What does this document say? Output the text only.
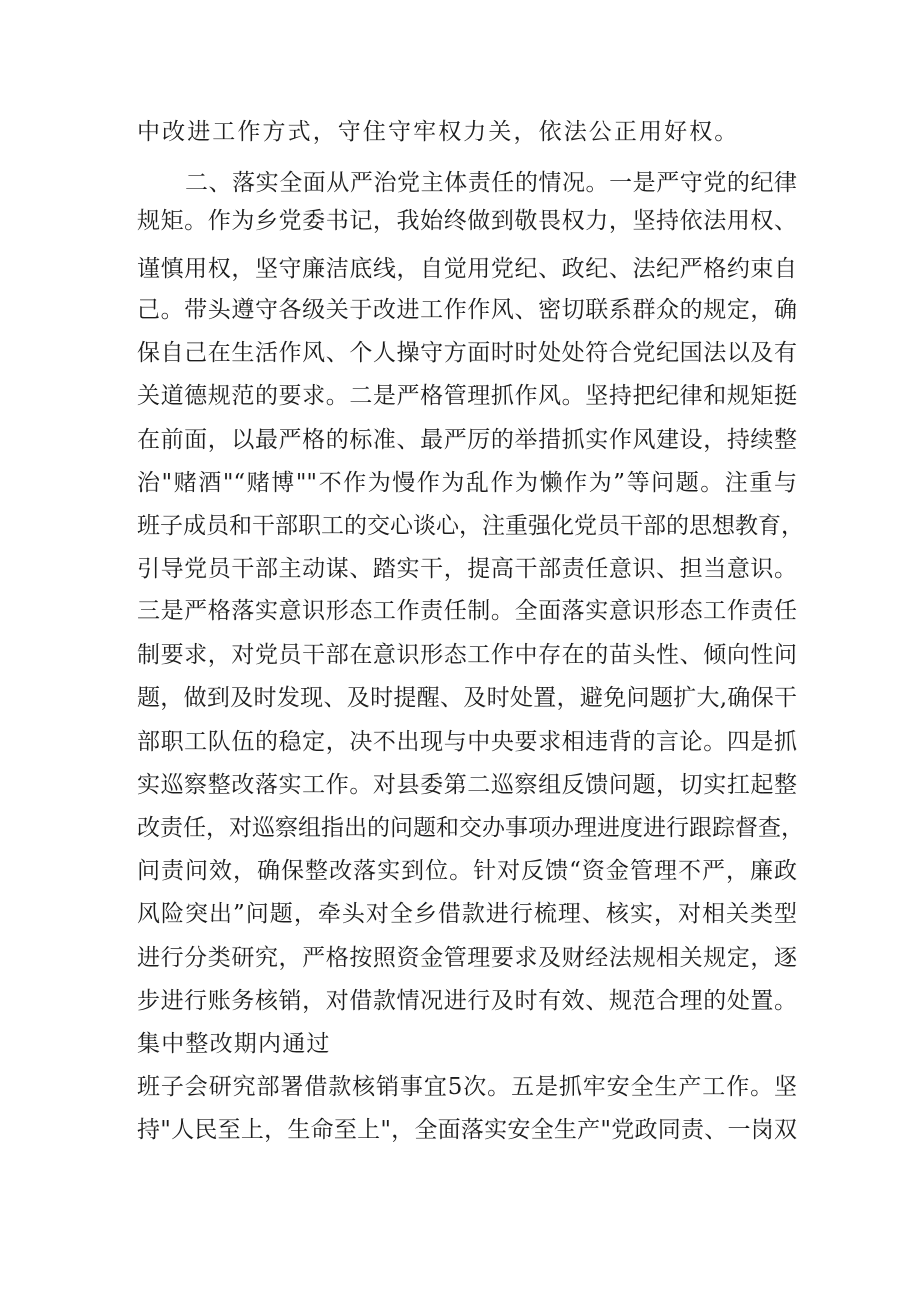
中改进工作方式，守住守牢权力关，依法公正用好权。
二、落实全面从严治党主体责任的情况。一是严守党的纪律
规矩。作为乡党委书记，我始终做到敬畏权力，坚持依法用权、
谨慎用权，坚守廉洁底线，自觉用党纪、政纪、法纪严格约束自
己。带头遵守各级关于改进工作作风、密切联系群众的规定，确
保自己在生活作风、个人操守方面时时处处符合党纪国法以及有
关道德规范的要求。二是严格管理抓作风。坚持把纪律和规矩挺
在前面，以最严格的标准、最严厉的举措抓实作风建设，持续整
治"赌酒"“赌博""不作为慢作为乱作为懒作为”等问题。注重与
班子成员和干部职工的交心谈心，注重强化党员干部的思想教育，
引导党员干部主动谋、踏实干，提高干部责任意识、担当意识。
三是严格落实意识形态工作责任制。全面落实意识形态工作责任
制要求，对党员干部在意识形态工作中存在的苗头性、倾向性问
题，做到及时发现、及时提醒、及时处置，避免问题扩大,确保干
部职工队伍的稳定，决不出现与中央要求相违背的言论。四是抓
实巡察整改落实工作。对县委第二巡察组反馈问题，切实扛起整
改责任，对巡察组指出的问题和交办事项办理进度进行跟踪督查，
问责问效，确保整改落实到位。针对反馈“资金管理不严，廉政
风险突出”问题，牵头对全乡借款进行梳理、核实，对相关类型
进行分类研究，严格按照资金管理要求及财经法规相关规定，逐
步进行账务核销，对借款情况进行及时有效、规范合理的处置。
集中整改期内通过
班子会研究部署借款核销事宜5次。五是抓牢安全生产工作。坚
持"人民至上，生命至上"，全面落实安全生产"党政同责、一岗双
